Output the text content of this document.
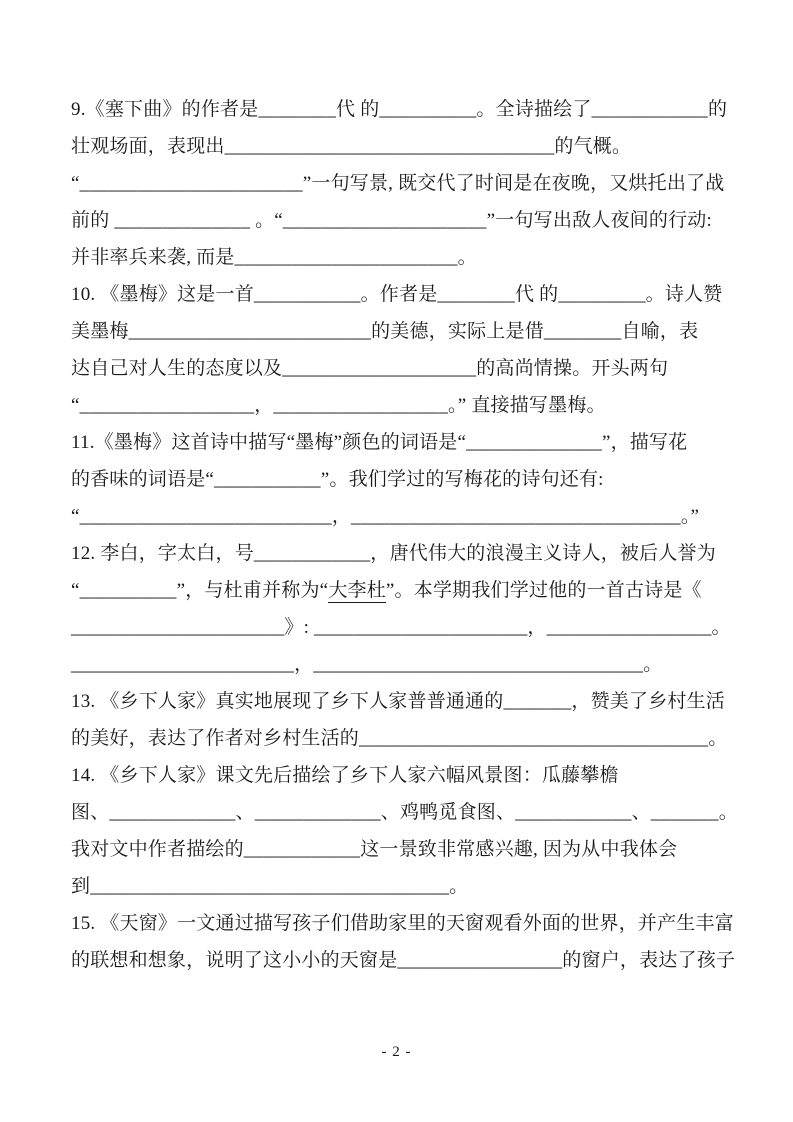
9.《塞下曲》的作者是________代 的__________。全诗描绘了____________的
壮观场面，表现出__________________________________的气概。
“_______________________”一句写景, 既交代了时间是在夜晚，又烘托出了战
前的 ______________ 。“_____________________”一句写出敌人夜间的行动:
并非率兵来袭, 而是_______________________。
10. 《墨梅》这是一首___________。作者是________代 的_________。诗人赞
美墨梅_________________________的美德，实际上是借________自喻，表
达自己对人生的态度以及____________________的高尚情操。开头两句
“__________________，__________________。” 直接描写墨梅。
11.《墨梅》这首诗中描写“墨梅”颜色的词语是“______________”，描写花
的香味的词语是“___________”。我们学过的写梅花的诗句还有:
“__________________________，__________________________________。”
12. 李白，字太白，号____________，唐代伟大的浪漫主义诗人，被后人誉为
“__________”，与杜甫并称为“大李杜”。本学期我们学过他的一首古诗是《
______________________》: ______________________，_________________。
_______________________，__________________________________。
13. 《乡下人家》真实地展现了乡下人家普普通通的_______，赞美了乡村生活
的美好，表达了作者对乡村生活的____________________________________。
14. 《乡下人家》课文先后描绘了乡下人家六幅风景图：瓜藤攀檐
图、_____________、_____________、鸡鸭觅食图、____________、_______。
我对文中作者描绘的____________这一景致非常感兴趣, 因为从中我体会
到_____________________________________。
15. 《天窗》一文通过描写孩子们借助家里的天窗观看外面的世界，并产生丰富
的联想和想象，说明了这小小的天窗是_________________的窗户，表达了孩子
- 2 -
